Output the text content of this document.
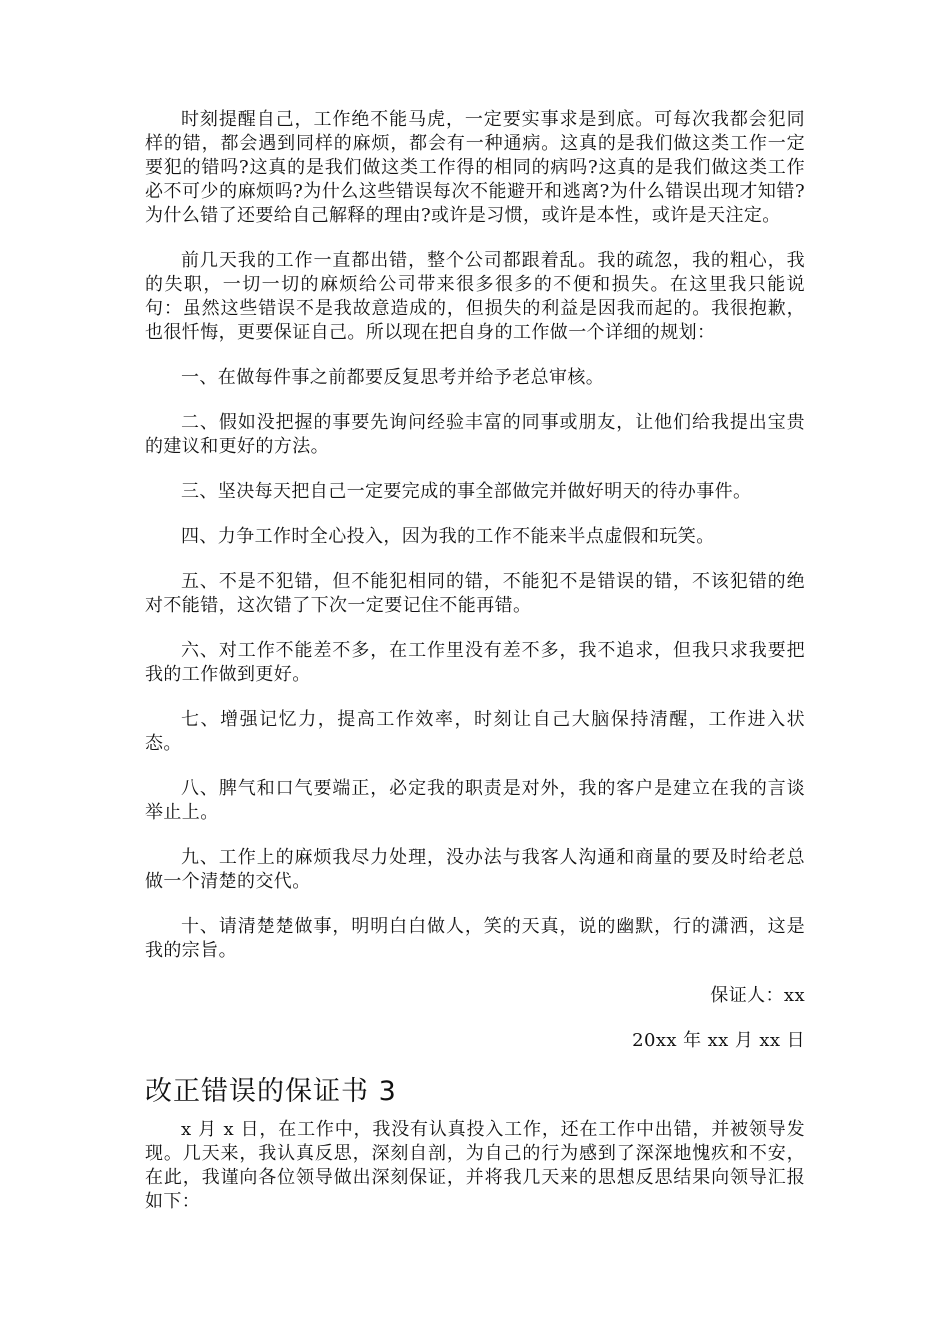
时刻提醒自己，工作绝不能马虎，一定要实事求是到底。可每次我都会犯同样的错，都会遇到同样的麻烦，都会有一种通病。这真的是我们做这类工作一定要犯的错吗?这真的是我们做这类工作得的相同的病吗?这真的是我们做这类工作必不可少的麻烦吗?为什么这些错误每次不能避开和逃离?为什么错误出现才知错?为什么错了还要给自己解释的理由?或许是习惯，或许是本性，或许是天注定。

前几天我的工作一直都出错，整个公司都跟着乱。我的疏忽，我的粗心，我的失职，一切一切的麻烦给公司带来很多很多的不便和损失。在这里我只能说句：虽然这些错误不是我故意造成的，但损失的利益是因我而起的。我很抱歉，也很忏悔，更要保证自己。所以现在把自身的工作做一个详细的规划：

一、在做每件事之前都要反复思考并给予老总审核。

二、假如没把握的事要先询问经验丰富的同事或朋友，让他们给我提出宝贵的建议和更好的方法。

三、坚决每天把自己一定要完成的事全部做完并做好明天的待办事件。

四、力争工作时全心投入，因为我的工作不能来半点虚假和玩笑。

五、不是不犯错，但不能犯相同的错，不能犯不是错误的错，不该犯错的绝对不能错，这次错了下次一定要记住不能再错。

六、对工作不能差不多，在工作里没有差不多，我不追求，但我只求我要把我的工作做到更好。

七、增强记忆力，提高工作效率，时刻让自己大脑保持清醒，工作进入状态。

八、脾气和口气要端正，必定我的职责是对外，我的客户是建立在我的言谈举止上。

九、工作上的麻烦我尽力处理，没办法与我客人沟通和商量的要及时给老总做一个清楚的交代。

十、请清楚楚做事，明明白白做人，笑的天真，说的幽默，行的潇洒，这是我的宗旨。

保证人：xx

20xx 年 xx 月 xx 日

改正错误的保证书 3

x 月 x 日，在工作中，我没有认真投入工作，还在工作中出错，并被领导发现。几天来，我认真反思，深刻自剖，为自己的行为感到了深深地愧疚和不安，在此，我谨向各位领导做出深刻保证，并将我几天来的思想反思结果向领导汇报如下：
